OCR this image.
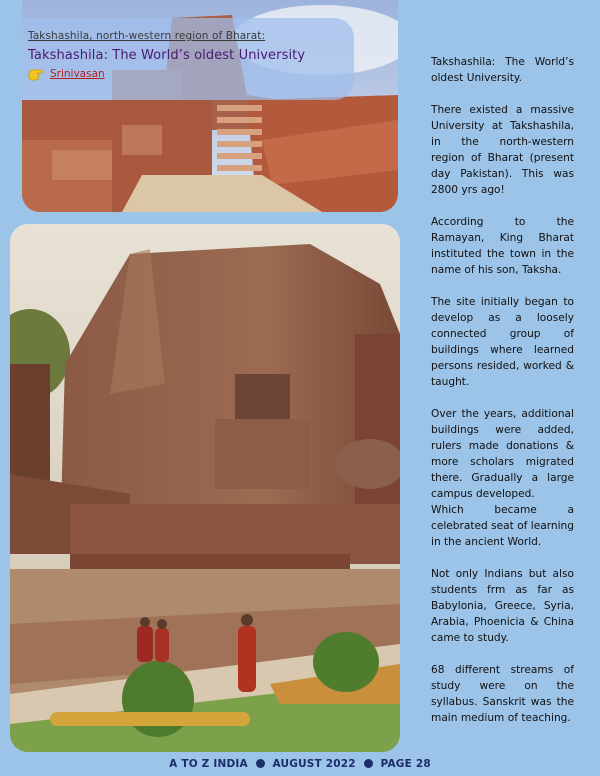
Takshashila, north-western region of Bharat:
Takshashila: The World’s oldest University
Srinivasan

Takshashila: The World’s oldest University.

There existed a massive University at Takshashila, in the north-western region of Bharat (present day Pakistan). This was 2800 yrs ago!

According to the Ramayan, King Bharat instituted the town in the name of his son, Taksha.

The site initially began to develop as a loosely connected group of buildings where learned persons resided, worked & taught.

Over the years, additional buildings were added, rulers made donations & more scholars migrated there. Gradually a large campus developed.

Which became a celebrated seat of learning in the ancient World.

Not only Indians but also students frm as far as Babylonia, Greece, Syria, Arabia, Phoenicia & China came to study.

68 different streams of study were on the syllabus. Sanskrit was the main medium of teaching.

A TO Z INDIA AUGUST 2022 PAGE 28
